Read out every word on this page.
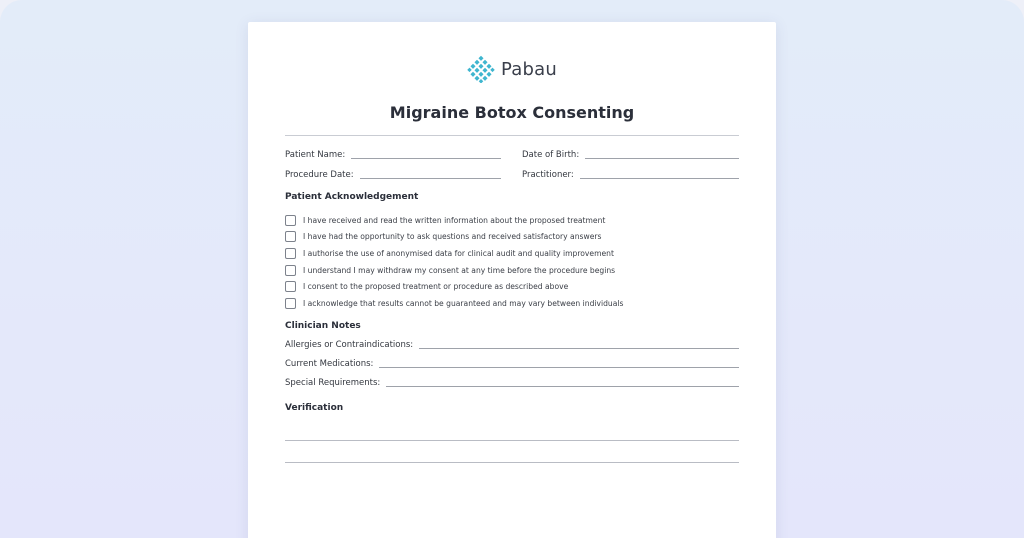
Pabau
Migraine Botox Consenting
Patient Name:	Date of Birth:
Procedure Date:	Practitioner:
Patient Acknowledgement
I have received and read the written information about the proposed treatment
I have had the opportunity to ask questions and received satisfactory answers
I authorise the use of anonymised data for clinical audit and quality improvement
I understand I may withdraw my consent at any time before the procedure begins
I consent to the proposed treatment or procedure as described above
I acknowledge that results cannot be guaranteed and may vary between individuals
Clinician Notes
Allergies or Contraindications:
Current Medications:
Special Requirements:
Verification
